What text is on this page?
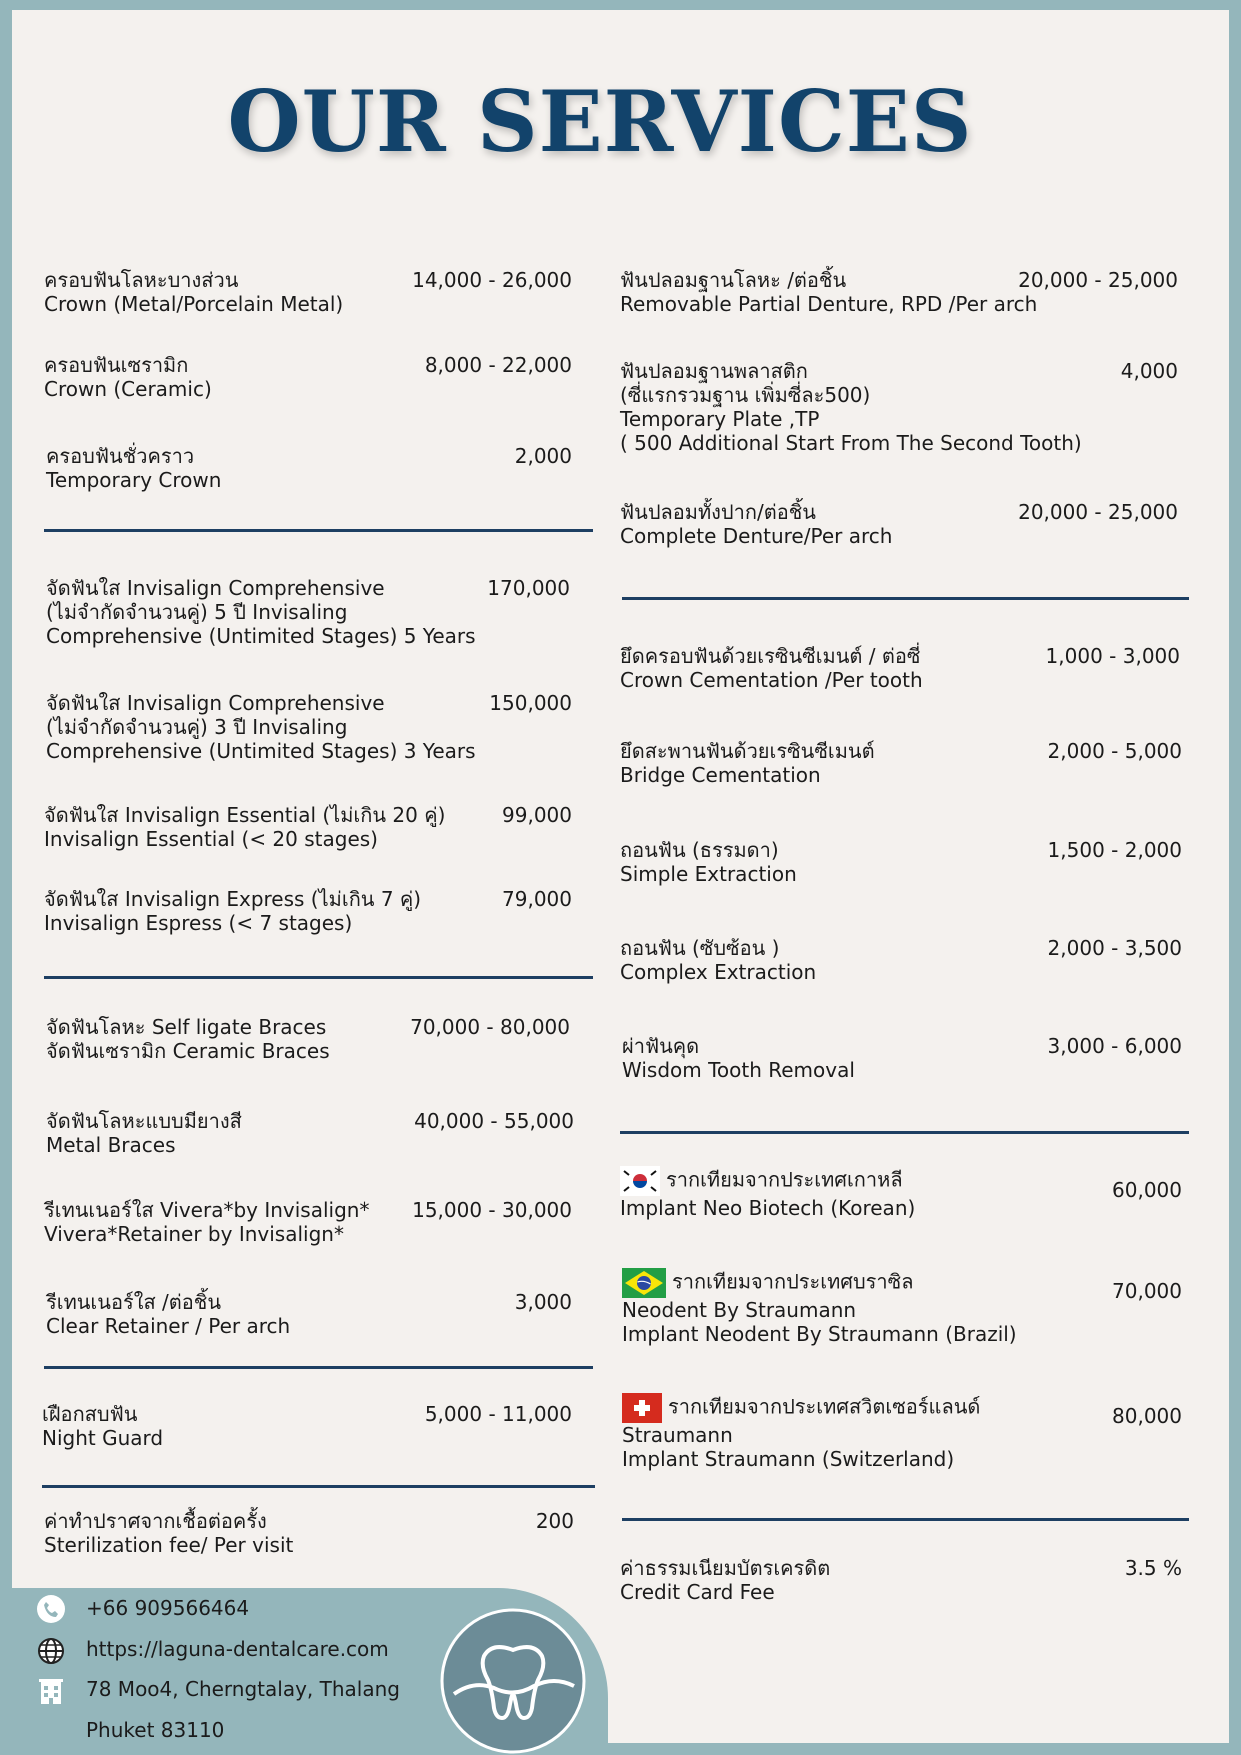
OUR SERVICES
ครอบฟันโลหะบางส่วน
Crown (Metal/Porcelain Metal)
14,000 - 26,000
ครอบฟันเซรามิก
Crown (Ceramic)
8,000 - 22,000
ครอบฟันชั่วคราว
Temporary Crown
2,000
จัดฟันใส Invisalign Comprehensive
(ไม่จำกัดจำนวนคู่) 5 ปี Invisaling
Comprehensive (Untimited Stages) 5 Years
170,000
จัดฟันใส Invisalign Comprehensive
(ไม่จำกัดจำนวนคู่) 3 ปี Invisaling
Comprehensive (Untimited Stages) 3 Years
150,000
จัดฟันใส Invisalign Essential (ไม่เกิน 20 คู่)
Invisalign Essential (< 20 stages)
99,000
จัดฟันใส Invisalign Express (ไม่เกิน 7 คู่)
Invisalign Espress (< 7 stages)
79,000
จัดฟันโลหะ Self ligate Braces
จัดฟันเซรามิก Ceramic Braces
70,000 - 80,000
จัดฟันโลหะแบบมียางสี
Metal Braces
40,000 - 55,000
รีเทนเนอร์ใส Vivera*by Invisalign*
Vivera*Retainer by Invisalign*
15,000 - 30,000
รีเทนเนอร์ใส /ต่อชิ้น
Clear Retainer / Per arch
3,000
เฝือกสบฟัน
Night Guard
5,000 - 11,000
ค่าทำปราศจากเชื้อต่อครั้ง
Sterilization fee/ Per visit
200
ฟันปลอมฐานโลหะ /ต่อชิ้น
Removable Partial Denture, RPD /Per arch
20,000 - 25,000
ฟันปลอมฐานพลาสติก
(ซี่แรกรวมฐาน เพิ่มซี่ละ500)
Temporary Plate ,TP
( 500 Additional Start From The Second Tooth)
4,000
ฟันปลอมทั้งปาก/ต่อชิ้น
Complete Denture/Per arch
20,000 - 25,000
ยึดครอบฟันด้วยเรซินซีเมนต์ / ต่อซี่
Crown Cementation /Per tooth
1,000 - 3,000
ยึดสะพานฟันด้วยเรซินซีเมนต์
Bridge Cementation
2,000 - 5,000
ถอนฟัน (ธรรมดา)
Simple Extraction
1,500 - 2,000
ถอนฟัน (ซับซ้อน )
Complex Extraction
2,000 - 3,500
ผ่าฟันคุด
Wisdom Tooth Removal
3,000 - 6,000
รากเทียมจากประเทศเกาหลี
Implant Neo Biotech (Korean)
60,000
รากเทียมจากประเทศบราซิล
Neodent By Straumann
Implant Neodent By Straumann (Brazil)
70,000
รากเทียมจากประเทศสวิตเซอร์แลนด์
Straumann
Implant Straumann (Switzerland)
80,000
ค่าธรรมเนียมบัตรเครดิต
Credit Card Fee
3.5 %
+66 909566464
https://laguna-dentalcare.com
78 Moo4, Cherngtalay, Thalang
Phuket 83110
